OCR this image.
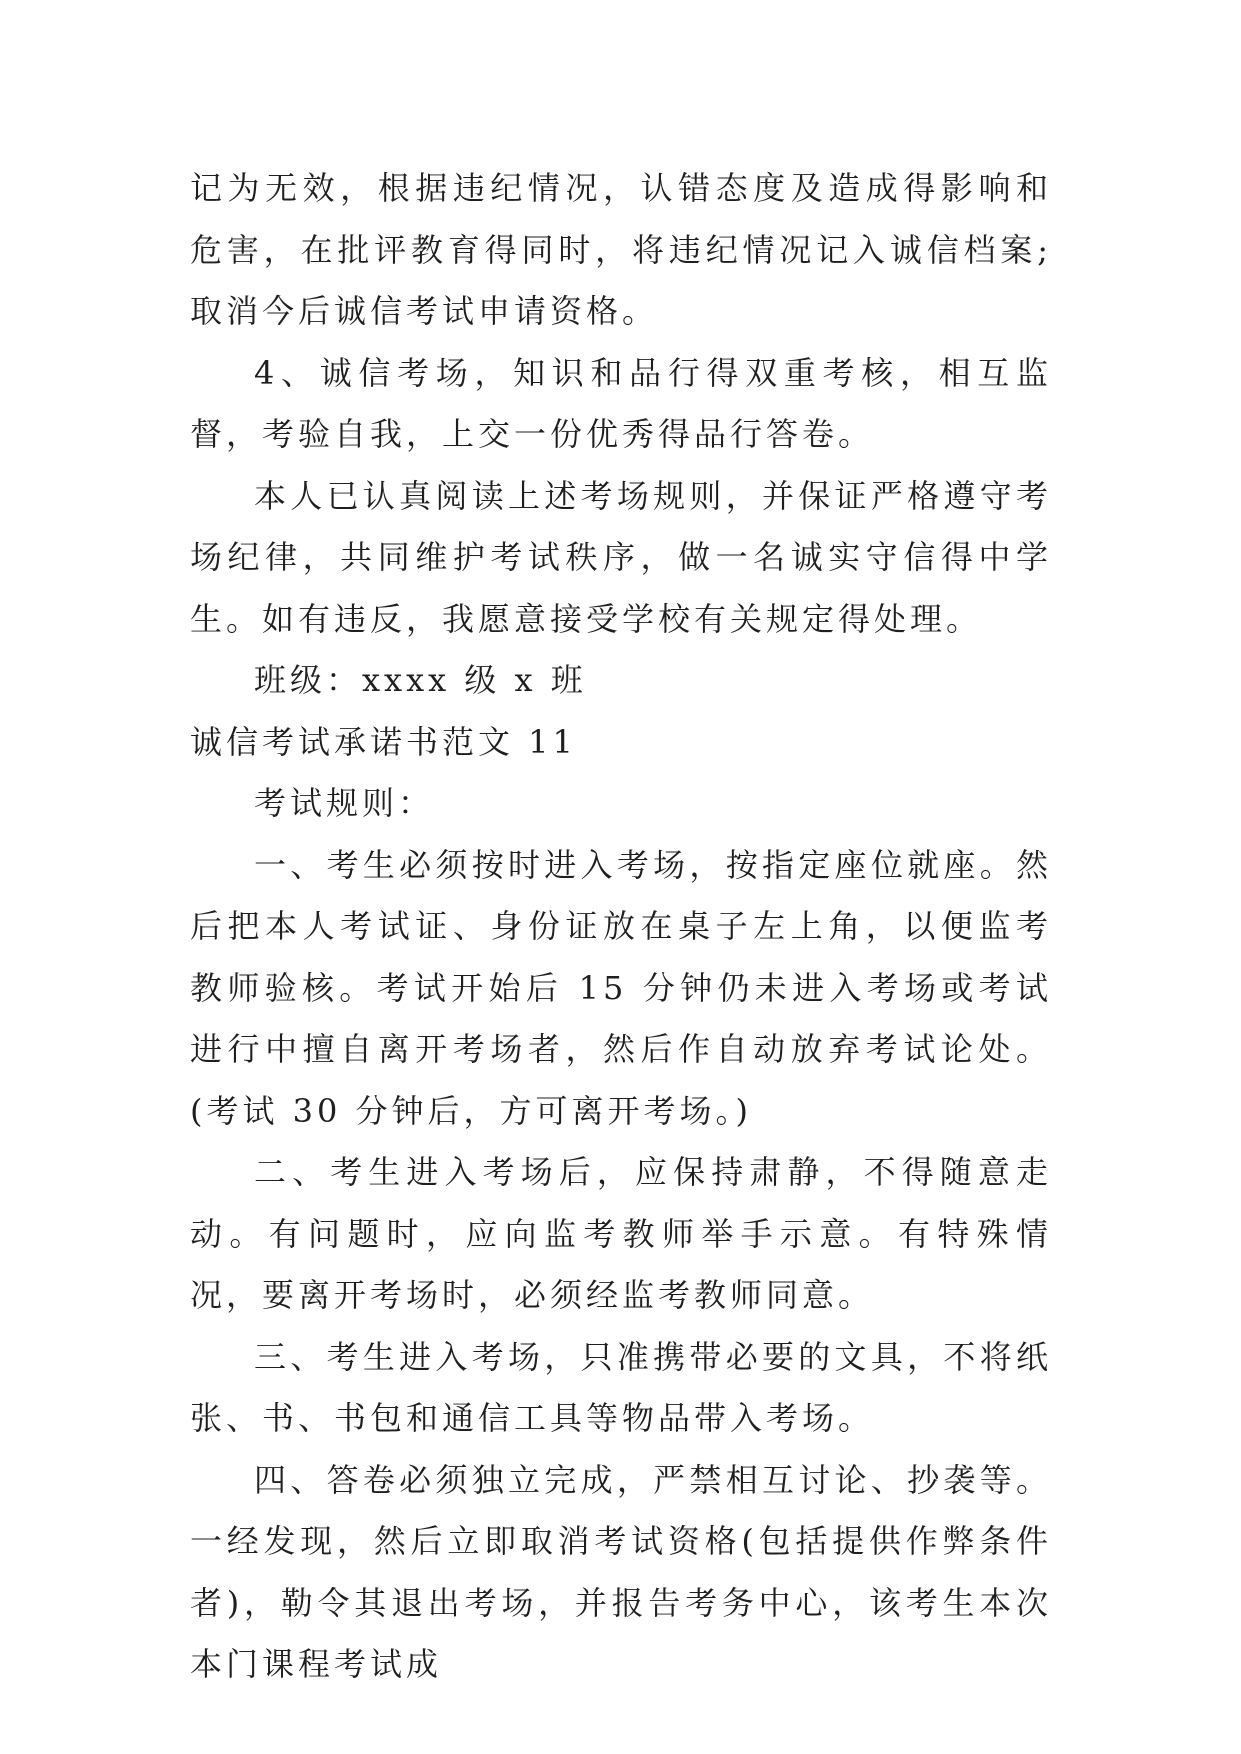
记为无效，根据违纪情况，认错态度及造成得影响和危害，在批评教育得同时，将违纪情况记入诚信档案;取消今后诚信考试申请资格。

4、诚信考场，知识和品行得双重考核，相互监督，考验自我，上交一份优秀得品行答卷。

本人已认真阅读上述考场规则，并保证严格遵守考场纪律，共同维护考试秩序，做一名诚实守信得中学生。如有违反，我愿意接受学校有关规定得处理。

班级：xxxx 级 x 班

诚信考试承诺书范文 11

考试规则：

一、考生必须按时进入考场，按指定座位就座。然后把本人考试证、身份证放在桌子左上角，以便监考教师验核。考试开始后 15 分钟仍未进入考场或考试进行中擅自离开考场者，然后作自动放弃考试论处。(考试 30 分钟后，方可离开考场。)

二、考生进入考场后，应保持肃静，不得随意走动。有问题时，应向监考教师举手示意。有特殊情况，要离开考场时，必须经监考教师同意。

三、考生进入考场，只准携带必要的文具，不将纸张、书、书包和通信工具等物品带入考场。

四、答卷必须独立完成，严禁相互讨论、抄袭等。一经发现，然后立即取消考试资格(包括提供作弊条件者)，勒令其退出考场，并报告考务中心，该考生本次本门课程考试成
